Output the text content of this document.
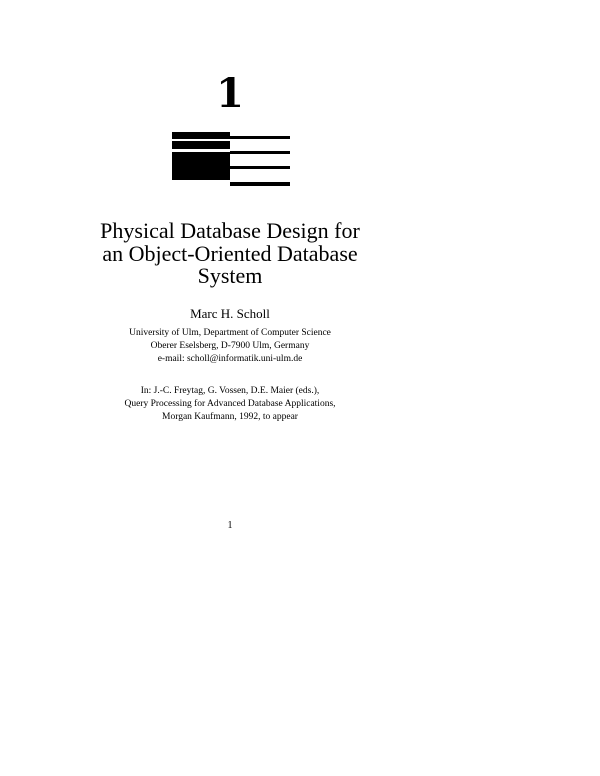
1
Physical Database Design for
an Object-Oriented Database
System
Marc H. Scholl
University of Ulm, Department of Computer Science
Oberer Eselsberg, D-7900 Ulm, Germany
e-mail: scholl@informatik.uni-ulm.de
In: J.-C. Freytag, G. Vossen, D.E. Maier (eds.),
Query Processing for Advanced Database Applications,
Morgan Kaufmann, 1992, to appear
1
